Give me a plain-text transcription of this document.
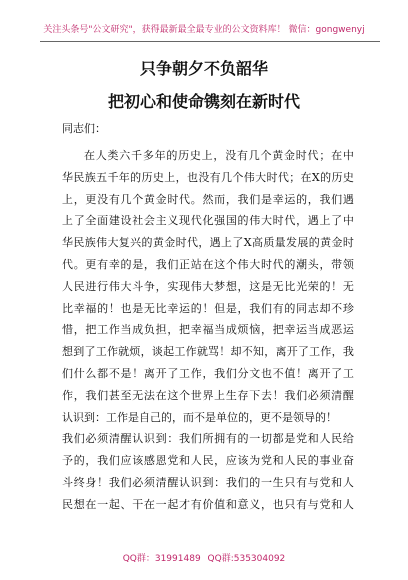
关注头条号"公文研究"，获得最新最全最专业的公文资料库！ 微信：gongwenyj
只争朝夕不负韶华
把初心和使命镌刻在新时代
同志们：
在 人 类 六 千 多 年 的 历 史 上 ， 没 有 几 个 黄 金 时 代 ； 在 中
华 民 族 五 千 年 的 历 史 上 ， 也 没 有 几 个 伟 大 时 代 ； 在 X 的 历 史
上 ， 更 没 有 几 个 黄 金 时 代 。 然 而 ， 我 们 是 幸 运 的 ， 我 们 遇
上 了 全 面 建 设 社 会 主 义 现 代 化 强 国 的 伟 大 时 代 ， 遇 上 了 中
华 民 族 伟 大 复 兴 的 黄 金 时 代 ， 遇 上 了 X 高 质 量 发 展 的 黄 金 时
代 。 更 有 幸 的 是 ， 我 们 正 站 在 这 个 伟 大 时 代 的 潮 头 ， 带 领
人 民 进 行 伟 大 斗 争 ， 实 现 伟 大 梦 想 ， 这 是 无 比 光 荣 的 ！ 无
比 幸 福 的 ！ 也 是 无 比 幸 运 的 ！ 但 是 ， 我 们 有 的 同 志 却 不 珍
惜 ， 把 工 作 当 成 负 担 ， 把 幸 福 当 成 烦 恼 ， 把 幸 运 当 成 恶 运
想 到 了 工 作 就 烦 ， 谈 起 工 作 就 骂 ！ 却 不 知 ， 离 开 了 工 作 ， 我
们 什 么 都 不 是 ！ 离 开 了 工 作 ， 我 们 分 文 也 不 值 ！ 离 开 了 工
作 ， 我 们 甚 至 无 法 在 这 个 世 界 上 生 存 下 去 ！ 我 们 必 须 清 醒
认识到：工作是自己的，而不是单位的，更不是领导的！
我 们 必 须 清 醒 认 识 到 ： 我 们 所 拥 有 的 一 切 都 是 党 和 人 民 给
予 的 ， 我 们 应 该 感 恩 党 和 人 民 ， 应 该 为 党 和 人 民 的 事 业 奋
斗 终 身 ！ 我 们 必 须 清 醒 认 识 到 ： 我 们 的 一 生 只 有 与 党 和 人
民 想 在 一 起 、 干 在 一 起 才 有 价 值 和 意 义 ， 也 只 有 与 党 和 人
QQ群：31991489 QQ群:535304092
